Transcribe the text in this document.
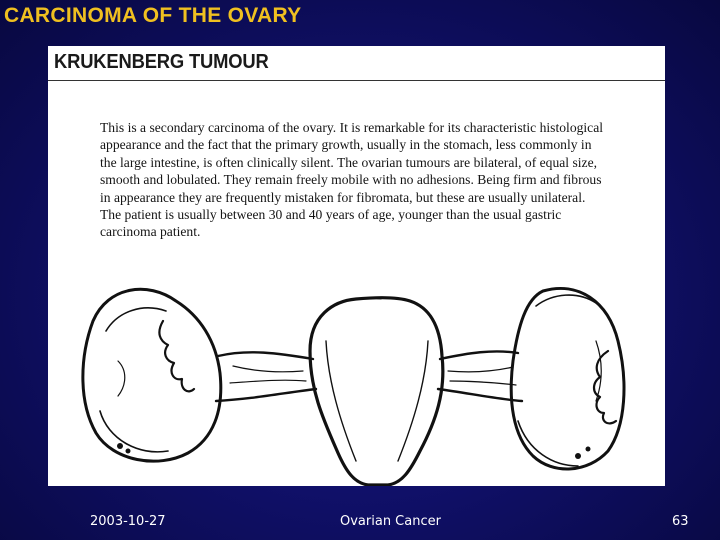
CARCINOMA OF THE OVARY
KRUKENBERG TUMOUR
This is a secondary carcinoma of the ovary. It is remarkable for its characteristic histological
appearance and the fact that the primary growth, usually in the stomach, less commonly in
the large intestine, is often clinically silent. The ovarian tumours are bilateral, of equal size,
smooth and lobulated. They remain freely mobile with no adhesions. Being firm and fibrous
in appearance they are frequently mistaken for fibromata, but these are usually unilateral.
The patient is usually between 30 and 40 years of age, younger than the usual gastric
carcinoma patient.
2003-10-27	Ovarian Cancer	63
